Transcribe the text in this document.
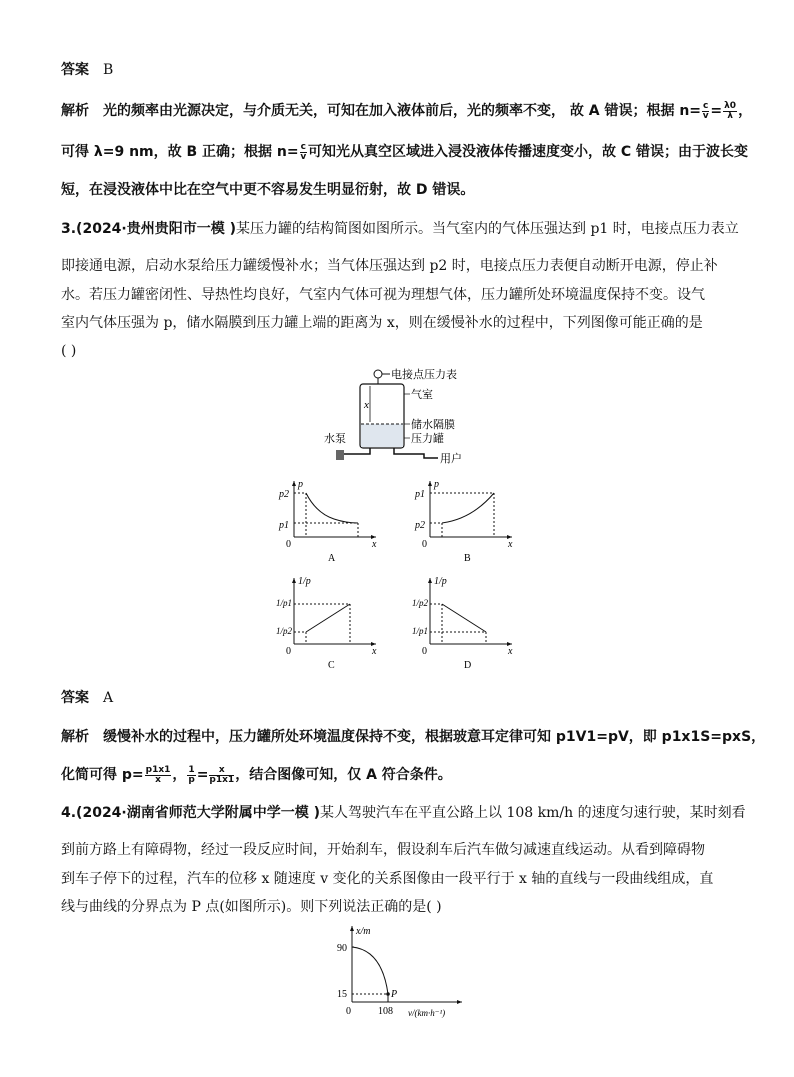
答案 B
解析 光的频率由光源决定，与介质无关，可知在加入液体前后，光的频率不变， 故 A 错误；根据 $n= \frac{c}{v} = \frac{\lambda 0}{\lambda}$ ，
可得 λ=9 nm，故 B 正确；根据 $n= \frac{c}{v}$ 可知光从真空区域进入浸没液体传播速度变小，故 C 错误；由于波长变
短，在浸没液体中比在空气中更不容易发生明显衍射，故 D 错误。
3.(2024·贵州贵阳市一模 )某压力罐的结构简图如图所示。当气室内的气体压强达到 p1 时，电接点压力表立
即接通电源，启动水泵给压力罐缓慢补水；当气体压强达到 p2 时，电接点压力表便自动断开电源，停止补
水。若压力罐密闭性、导热性均良好，气室内气体可视为理想气体，压力罐所处环境温度保持不变。设气
室内气体压强为 p，储水隔膜到压力罐上端的距离为 x，则在缓慢补水的过程中，下列图像可能正确的是
( )
电接点压力表
x
气室
储水隔膜
压力罐
水泵
用户
p
x
0
p2
p1
A
p
x
0
p1
p2
B
1/p
x
0
1/p1
1/p2
C
1/p
x
0
1/p2
1/p1
D
答案 A
解析 缓慢补水的过程中，压力罐所处环境温度保持不变，根据玻意耳定律可知 p1V1=pV，即 p1x1S=pxS，
化简可得 $p= \frac{p1x1}{x}$ ， $\frac{1}{p} = \frac{x}{p1x1}$ ，结合图像可知，仅 A 符合条件。
4.(2024·湖南省师范大学附属中学一模 )某人驾驶汽车在平直公路上以 108 km/h 的速度匀速行驶，某时刻看
到前方路上有障碍物，经过一段反应时间，开始刹车，假设刹车后汽车做匀减速直线运动。从看到障碍物
到车子停下的过程，汽车的位移 x 随速度 v 变化的关系图像由一段平行于 x 轴的直线与一段曲线组成，直
线与曲线的分界点为 P 点(如图所示)。则下列说法正确的是( )
x/m
v/(km·h⁻¹)
90
15
0	108
P
